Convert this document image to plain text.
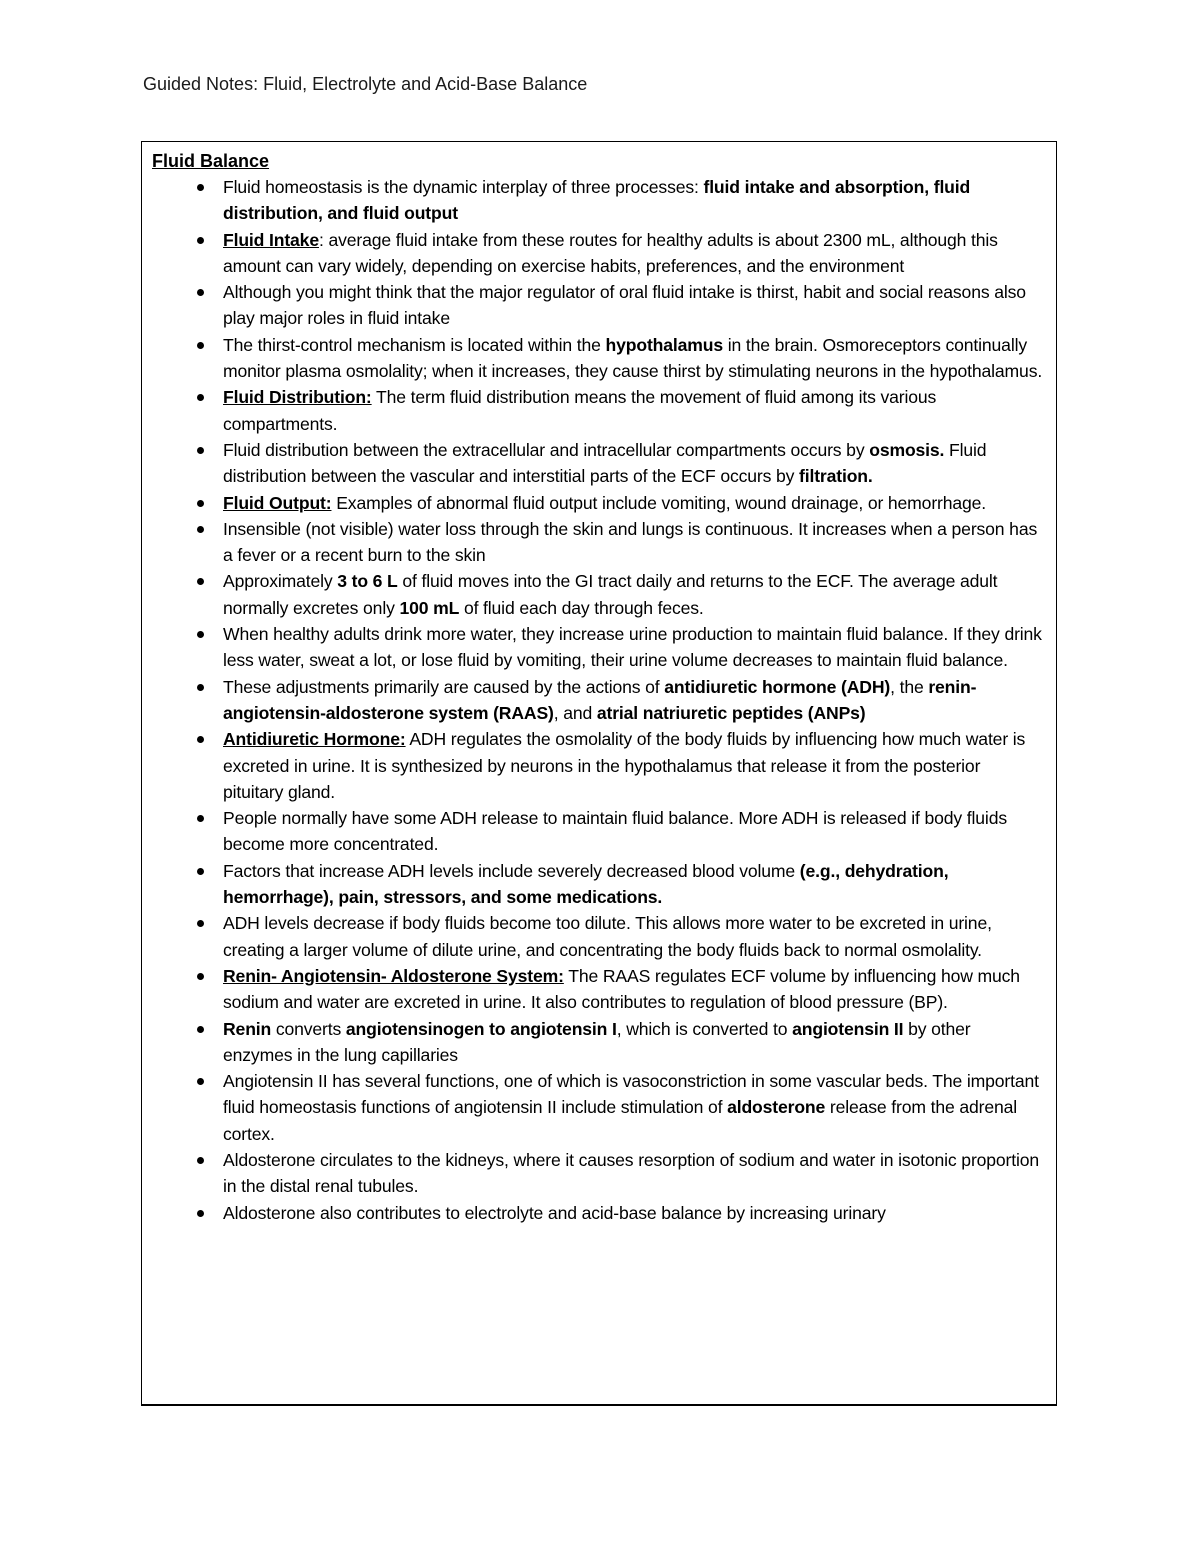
Guided Notes: Fluid, Electrolyte and Acid-Base Balance
Fluid Balance
Fluid homeostasis is the dynamic interplay of three processes: fluid intake and absorption, fluid distribution, and fluid output
Fluid Intake: average fluid intake from these routes for healthy adults is about 2300 mL, although this amount can vary widely, depending on exercise habits, preferences, and the environment
Although you might think that the major regulator of oral fluid intake is thirst, habit and social reasons also play major roles in fluid intake
The thirst-control mechanism is located within the hypothalamus in the brain. Osmoreceptors continually monitor plasma osmolality; when it increases, they cause thirst by stimulating neurons in the hypothalamus.
Fluid Distribution: The term fluid distribution means the movement of fluid among its various compartments.
Fluid distribution between the extracellular and intracellular compartments occurs by osmosis. Fluid distribution between the vascular and interstitial parts of the ECF occurs by filtration.
Fluid Output: Examples of abnormal fluid output include vomiting, wound drainage, or hemorrhage.
Insensible (not visible) water loss through the skin and lungs is continuous. It increases when a person has a fever or a recent burn to the skin
Approximately 3 to 6 L of fluid moves into the GI tract daily and returns to the ECF. The average adult normally excretes only 100 mL of fluid each day through feces.
When healthy adults drink more water, they increase urine production to maintain fluid balance. If they drink less water, sweat a lot, or lose fluid by vomiting, their urine volume decreases to maintain fluid balance.
These adjustments primarily are caused by the actions of antidiuretic hormone (ADH), the renin-angiotensin-aldosterone system (RAAS), and atrial natriuretic peptides (ANPs)
Antidiuretic Hormone: ADH regulates the osmolality of the body fluids by influencing how much water is excreted in urine. It is synthesized by neurons in the hypothalamus that release it from the posterior pituitary gland.
People normally have some ADH release to maintain fluid balance. More ADH is released if body fluids become more concentrated.
Factors that increase ADH levels include severely decreased blood volume (e.g., dehydration, hemorrhage), pain, stressors, and some medications.
ADH levels decrease if body fluids become too dilute. This allows more water to be excreted in urine, creating a larger volume of dilute urine, and concentrating the body fluids back to normal osmolality.
Renin- Angiotensin- Aldosterone System: The RAAS regulates ECF volume by influencing how much sodium and water are excreted in urine. It also contributes to regulation of blood pressure (BP).
Renin converts angiotensinogen to angiotensin I, which is converted to angiotensin II by other enzymes in the lung capillaries
Angiotensin II has several functions, one of which is vasoconstriction in some vascular beds. The important fluid homeostasis functions of angiotensin II include stimulation of aldosterone release from the adrenal cortex.
Aldosterone circulates to the kidneys, where it causes resorption of sodium and water in isotonic proportion in the distal renal tubules.
Aldosterone also contributes to electrolyte and acid-base balance by increasing urinary
